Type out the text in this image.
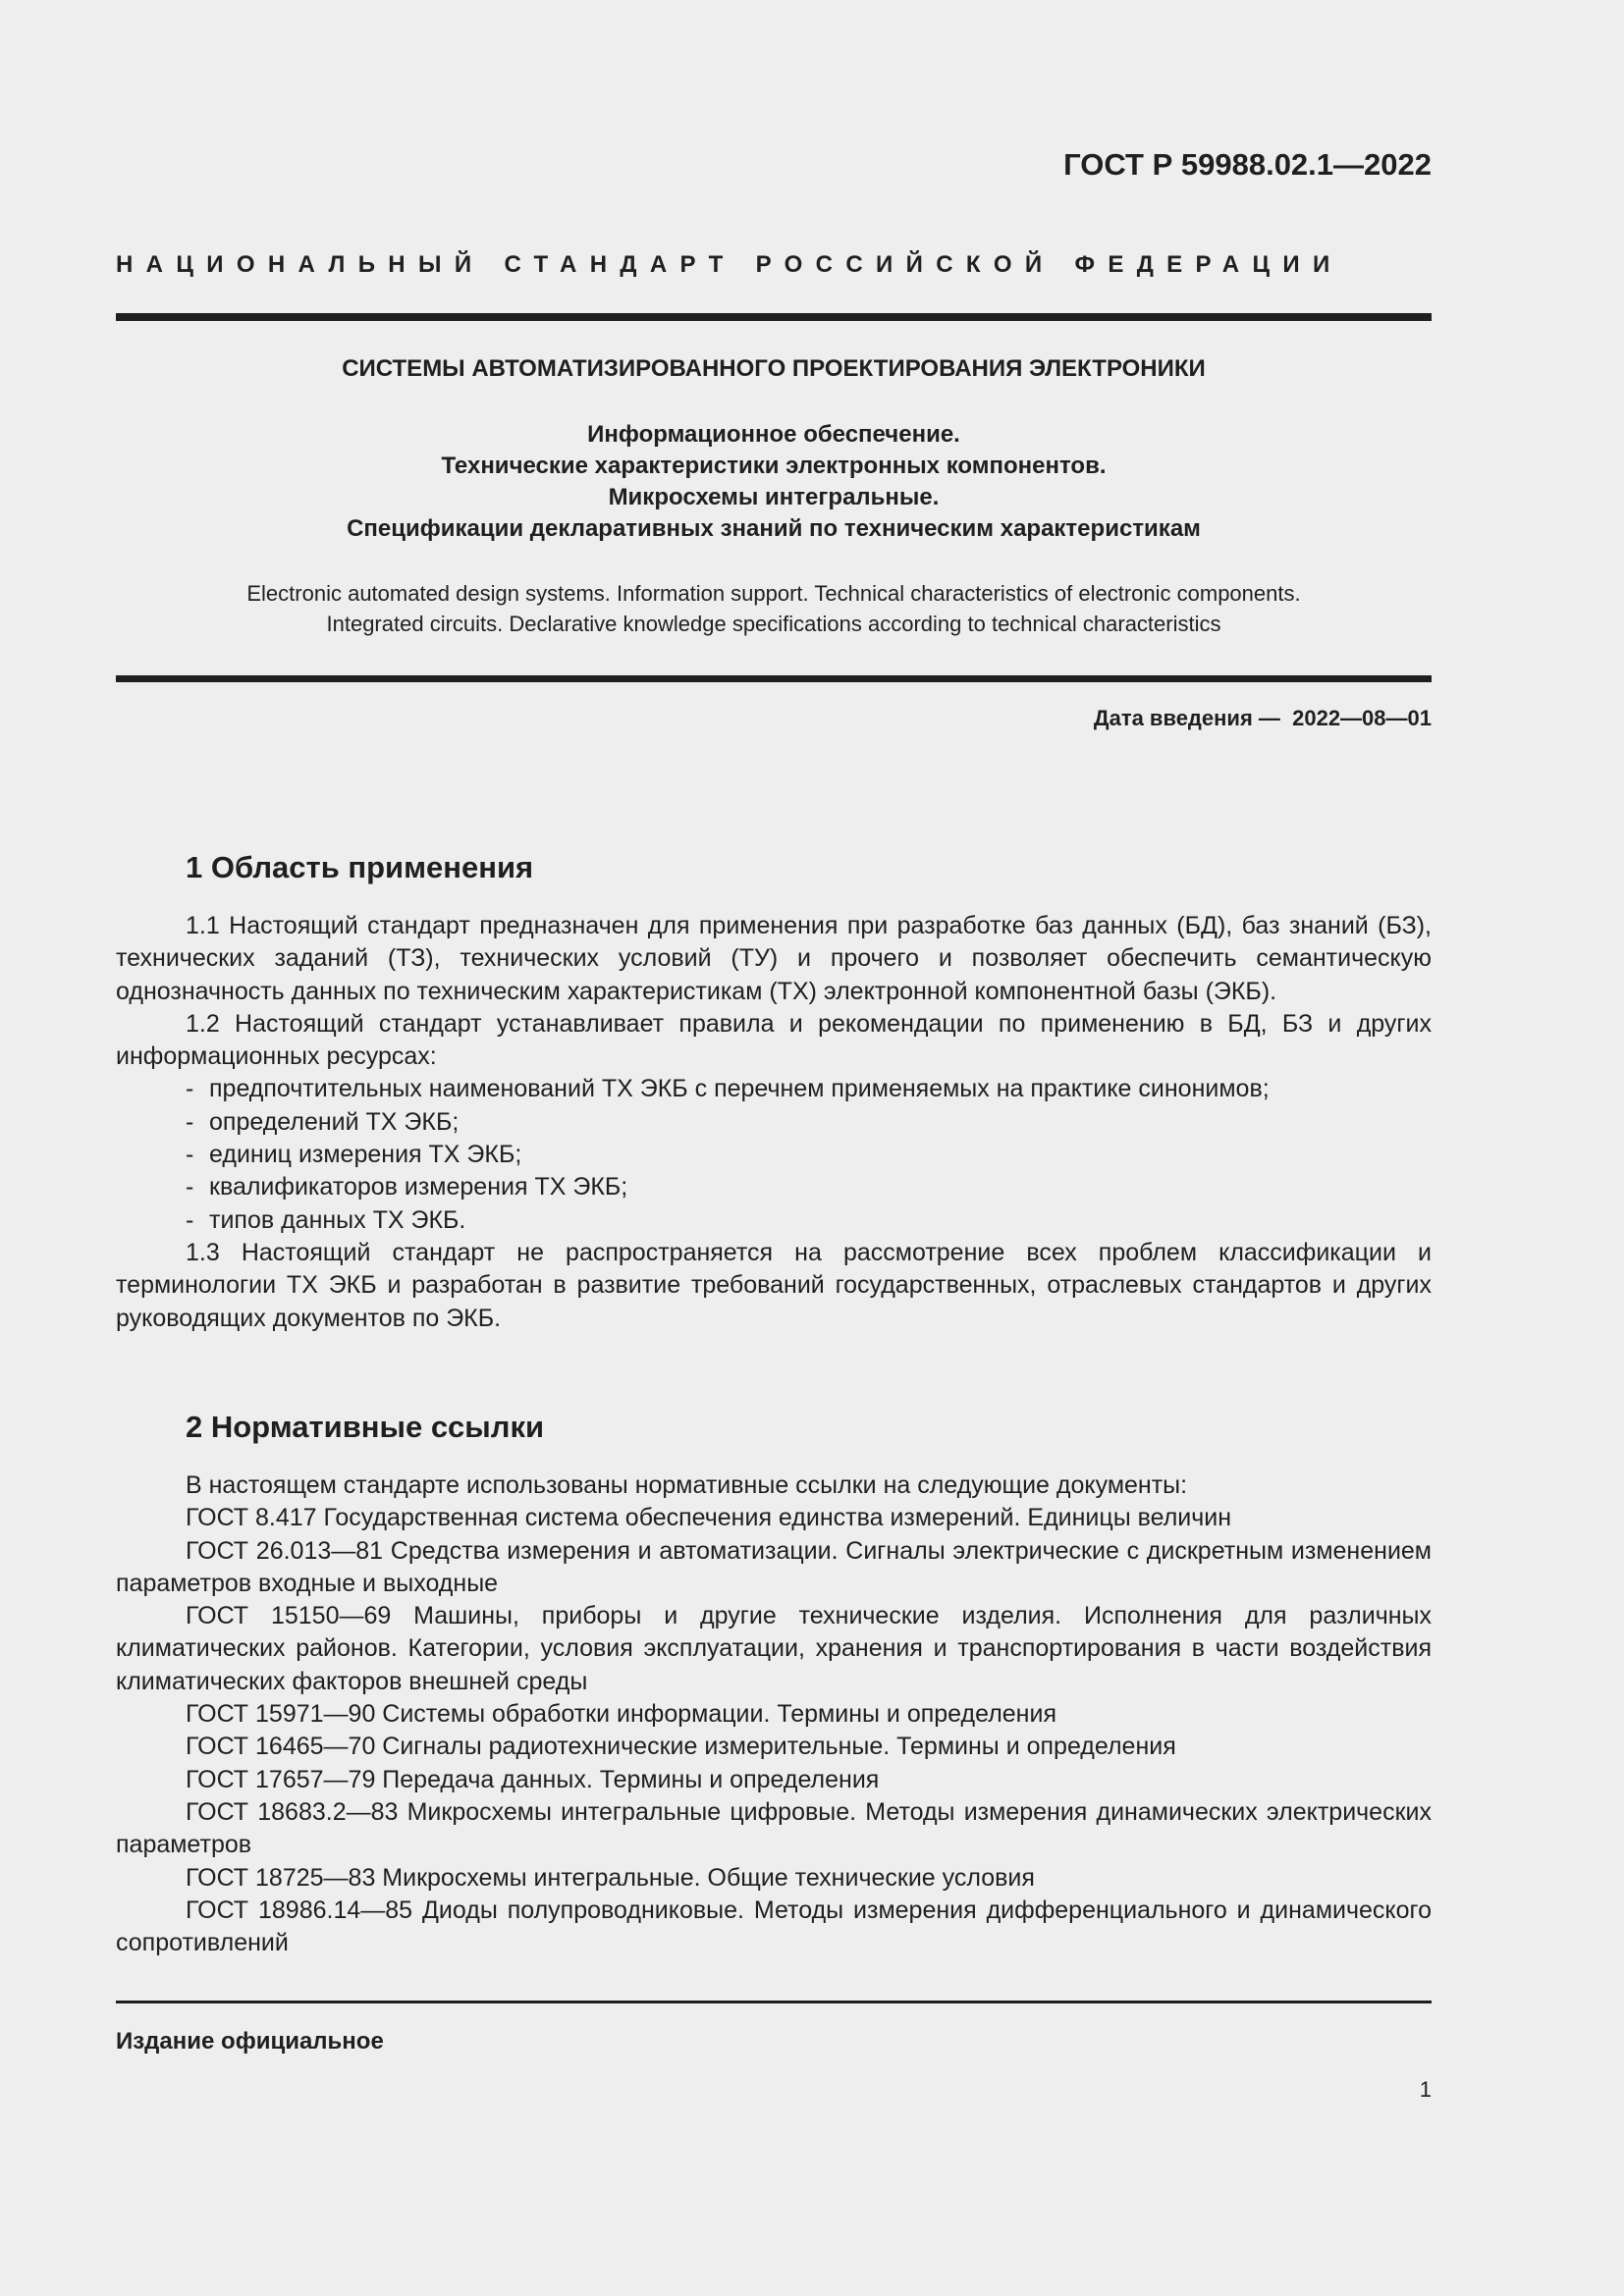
ГОСТ Р 59988.02.1—2022
НАЦИОНАЛЬНЫЙ СТАНДАРТ РОССИЙСКОЙ ФЕДЕРАЦИИ
СИСТЕМЫ АВТОМАТИЗИРОВАННОГО ПРОЕКТИРОВАНИЯ ЭЛЕКТРОНИКИ
Информационное обеспечение.
Технические характеристики электронных компонентов.
Микросхемы интегральные.
Спецификации декларативных знаний по техническим характеристикам
Electronic automated design systems. Information support. Technical characteristics of electronic components.
Integrated circuits. Declarative knowledge specifications according to technical characteristics
Дата введения —  2022—08—01
1 Область применения

1.1 Настоящий стандарт предназначен для применения при разработке баз данных (БД), баз знаний (БЗ), технических заданий (ТЗ), технических условий (ТУ) и прочего и позволяет обеспечить семантическую однозначность данных по техническим характеристикам (ТХ) электронной компонентной базы (ЭКБ).

1.2 Настоящий стандарт устанавливает правила и рекомендации по применению в БД, БЗ и других информационных ресурсах:

- предпочтительных наименований ТХ ЭКБ с перечнем применяемых на практике синонимов;

- определений ТХ ЭКБ;

- единиц измерения ТХ ЭКБ;

- квалификаторов измерения ТХ ЭКБ;

- типов данных ТХ ЭКБ.

1.3 Настоящий стандарт не распространяется на рассмотрение всех проблем классификации и терминологии ТХ ЭКБ и разработан в развитие требований государственных, отраслевых стандартов и других руководящих документов по ЭКБ.

2 Нормативные ссылки

В настоящем стандарте использованы нормативные ссылки на следующие документы:

ГОСТ 8.417 Государственная система обеспечения единства измерений. Единицы величин

ГОСТ 26.013—81 Средства измерения и автоматизации. Сигналы электрические с дискретным изменением параметров входные и выходные

ГОСТ 15150—69 Машины, приборы и другие технические изделия. Исполнения для различных климатических районов. Категории, условия эксплуатации, хранения и транспортирования в части воздействия климатических факторов внешней среды

ГОСТ 15971—90 Системы обработки информации. Термины и определения

ГОСТ 16465—70 Сигналы радиотехнические измерительные. Термины и определения

ГОСТ 17657—79 Передача данных. Термины и определения

ГОСТ 18683.2—83 Микросхемы интегральные цифровые. Методы измерения динамических электрических параметров

ГОСТ 18725—83 Микросхемы интегральные. Общие технические условия

ГОСТ 18986.14—85 Диоды полупроводниковые. Методы измерения дифференциального и динамического сопротивлений

Издание официальное
1
